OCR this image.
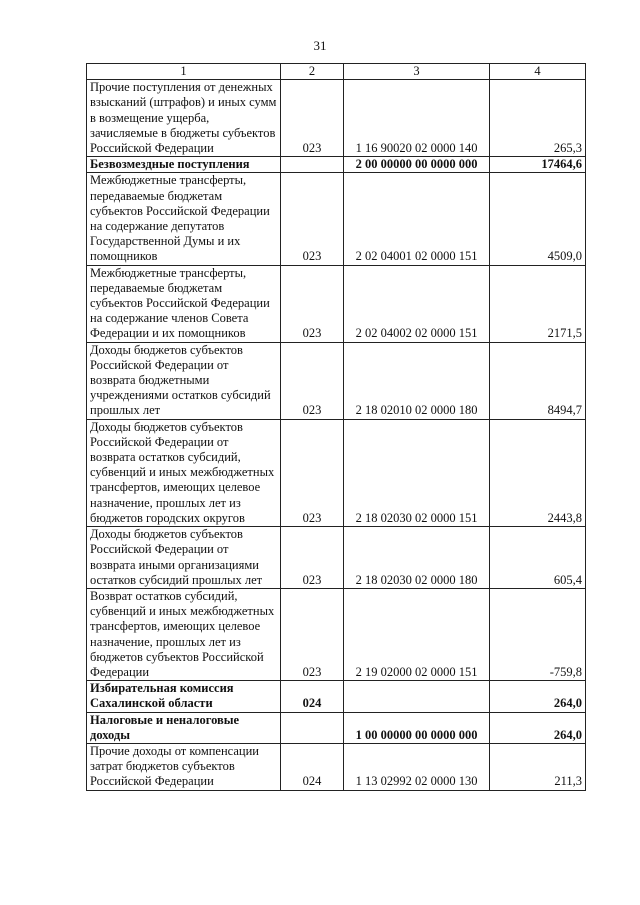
31
1	2	3	4
Прочие поступления от денежных взысканий (штрафов) и иных сумм в возмещение ущерба, зачисляемые в бюджеты субъектов Российской Федерации	023	1 16 90020 02 0000 140	265,3
Безвозмездные поступления		2 00 00000 00 0000 000	17464,6
Межбюджетные трансферты, передаваемые бюджетам субъектов Российской Федерации на содержание депутатов Государственной Думы и их помощников	023	2 02 04001 02 0000 151	4509,0
Межбюджетные трансферты, передаваемые бюджетам субъектов Российской Федерации на содержание членов Совета Федерации и их помощников	023	2 02 04002 02 0000 151	2171,5
Доходы бюджетов субъектов Российской Федерации от возврата бюджетными учреждениями остатков субсидий прошлых лет	023	2 18 02010 02 0000 180	8494,7
Доходы бюджетов субъектов Российской Федерации от возврата остатков субсидий, субвенций и иных межбюджетных трансфертов, имеющих целевое назначение, прошлых лет из бюджетов городских округов	023	2 18 02030 02 0000 151	2443,8
Доходы бюджетов субъектов Российской Федерации от возврата иными организациями остатков субсидий прошлых лет	023	2 18 02030 02 0000 180	605,4
Возврат остатков субсидий, субвенций и иных межбюджетных трансфертов, имеющих целевое назначение, прошлых лет из бюджетов субъектов Российской Федерации	023	2 19 02000 02 0000 151	-759,8
Избирательная комиссия Сахалинской области	024		264,0
Налоговые и неналоговые доходы		1 00 00000 00 0000 000	264,0
Прочие доходы от компенсации затрат бюджетов субъектов Российской Федерации	024	1 13 02992 02 0000 130	211,3
